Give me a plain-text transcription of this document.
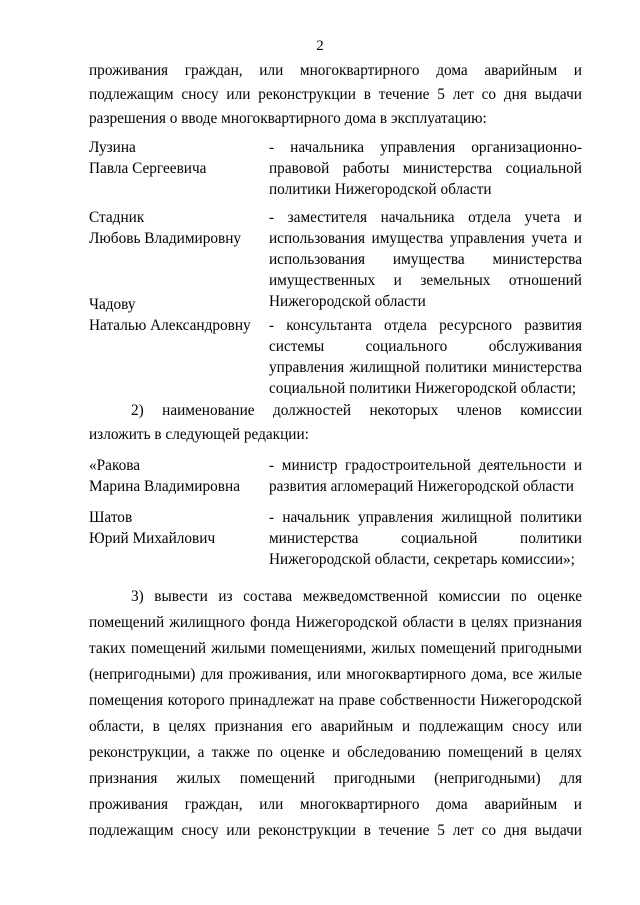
2
проживания граждан, или многоквартирного дома аварийным и
подлежащим сносу или реконструкции в течение 5 лет со дня выдачи
разрешения о вводе многоквартирного дома в эксплуатацию:
Лузина
Павла Сергеевича
- начальника управления организационно-
правовой работы министерства социальной
политики Нижегородской области
Стадник
Любовь Владимировну
- заместителя начальника отдела учета и
использования имущества управления учета и
использования имущества министерства
имущественных и земельных отношений
Нижегородской области
Чадову
Наталью Александровну	- консультанта отдела ресурсного развития
системы социального обслуживания
управления жилищной политики министерства
социальной политики Нижегородской области;
2) наименование должностей некоторых членов комиссии
изложить в следующей редакции:
«Ракова
Марина Владимировна
- министр градостроительной деятельности и
развития агломераций Нижегородской области
Шатов
Юрий Михайлович
- начальник управления жилищной политики
министерства социальной политики
Нижегородской области, секретарь комиссии»;
3) вывести из состава межведомственной комиссии по оценке
помещений жилищного фонда Нижегородской области в целях признания
таких помещений жилыми помещениями, жилых помещений пригодными
(непригодными) для проживания, или многоквартирного дома, все жилые
помещения которого принадлежат на праве собственности Нижегородской
области, в целях признания его аварийным и подлежащим сносу или
реконструкции, а также по оценке и обследованию помещений в целях
признания жилых помещений пригодными (непригодными) для
проживания граждан, или многоквартирного дома аварийным и
подлежащим сносу или реконструкции в течение 5 лет со дня выдачи
